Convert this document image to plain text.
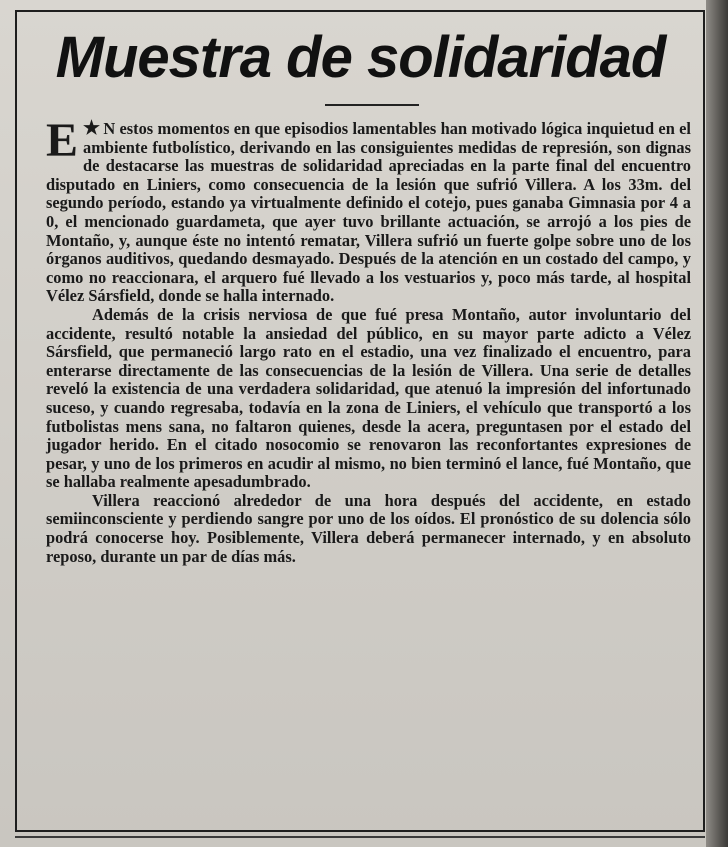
Muestra de solidaridad

★
E N estos momentos en que episodios lamentables han motivado lógica inquietud en el ambiente futbolístico, derivando en las consiguientes medidas de represión, son dignas de destacarse las muestras de solidaridad apreciadas en la parte final del encuentro disputado en Liniers, como consecuencia de la lesión que sufrió Villera. A los 33m. del segundo período, estando ya virtualmente definido el cotejo, pues ganaba Gimnasia por 4 a 0, el mencionado guardameta, que ayer tuvo brillante actuación, se arrojó a los pies de Montaño, y, aunque éste no intentó rematar, Villera sufrió un fuerte golpe sobre uno de los órganos auditivos, quedando desmayado. Después de la atención en un costado del campo, y como no reaccionara, el arquero fué llevado a los vestuarios y, poco más tarde, al hospital Vélez Sársfield, donde se halla internado.

Además de la crisis nerviosa de que fué presa Montaño, autor involuntario del accidente, resultó notable la ansiedad del público, en su mayor parte adicto a Vélez Sársfield, que permaneció largo rato en el estadio, una vez finalizado el encuentro, para enterarse directamente de las consecuencias de la lesión de Villera. Una serie de detalles reveló la existencia de una verdadera solidaridad, que atenuó la impresión del infortunado suceso, y cuando regresaba, todavía en la zona de Liniers, el vehículo que transportó a los futbolistas mens sana, no faltaron quienes, desde la acera, preguntasen por el estado del jugador herido. En el citado nosocomio se renovaron las reconfortantes expresiones de pesar, y uno de los primeros en acudir al mismo, no bien terminó el lance, fué Montaño, que se hallaba realmente apesadumbrado.

Villera reaccionó alrededor de una hora después del accidente, en estado semiinconsciente y perdiendo sangre por uno de los oídos. El pronóstico de su dolencia sólo podrá conocerse hoy. Posiblemente, Villera deberá permanecer internado, y en absoluto reposo, durante un par de días más.
